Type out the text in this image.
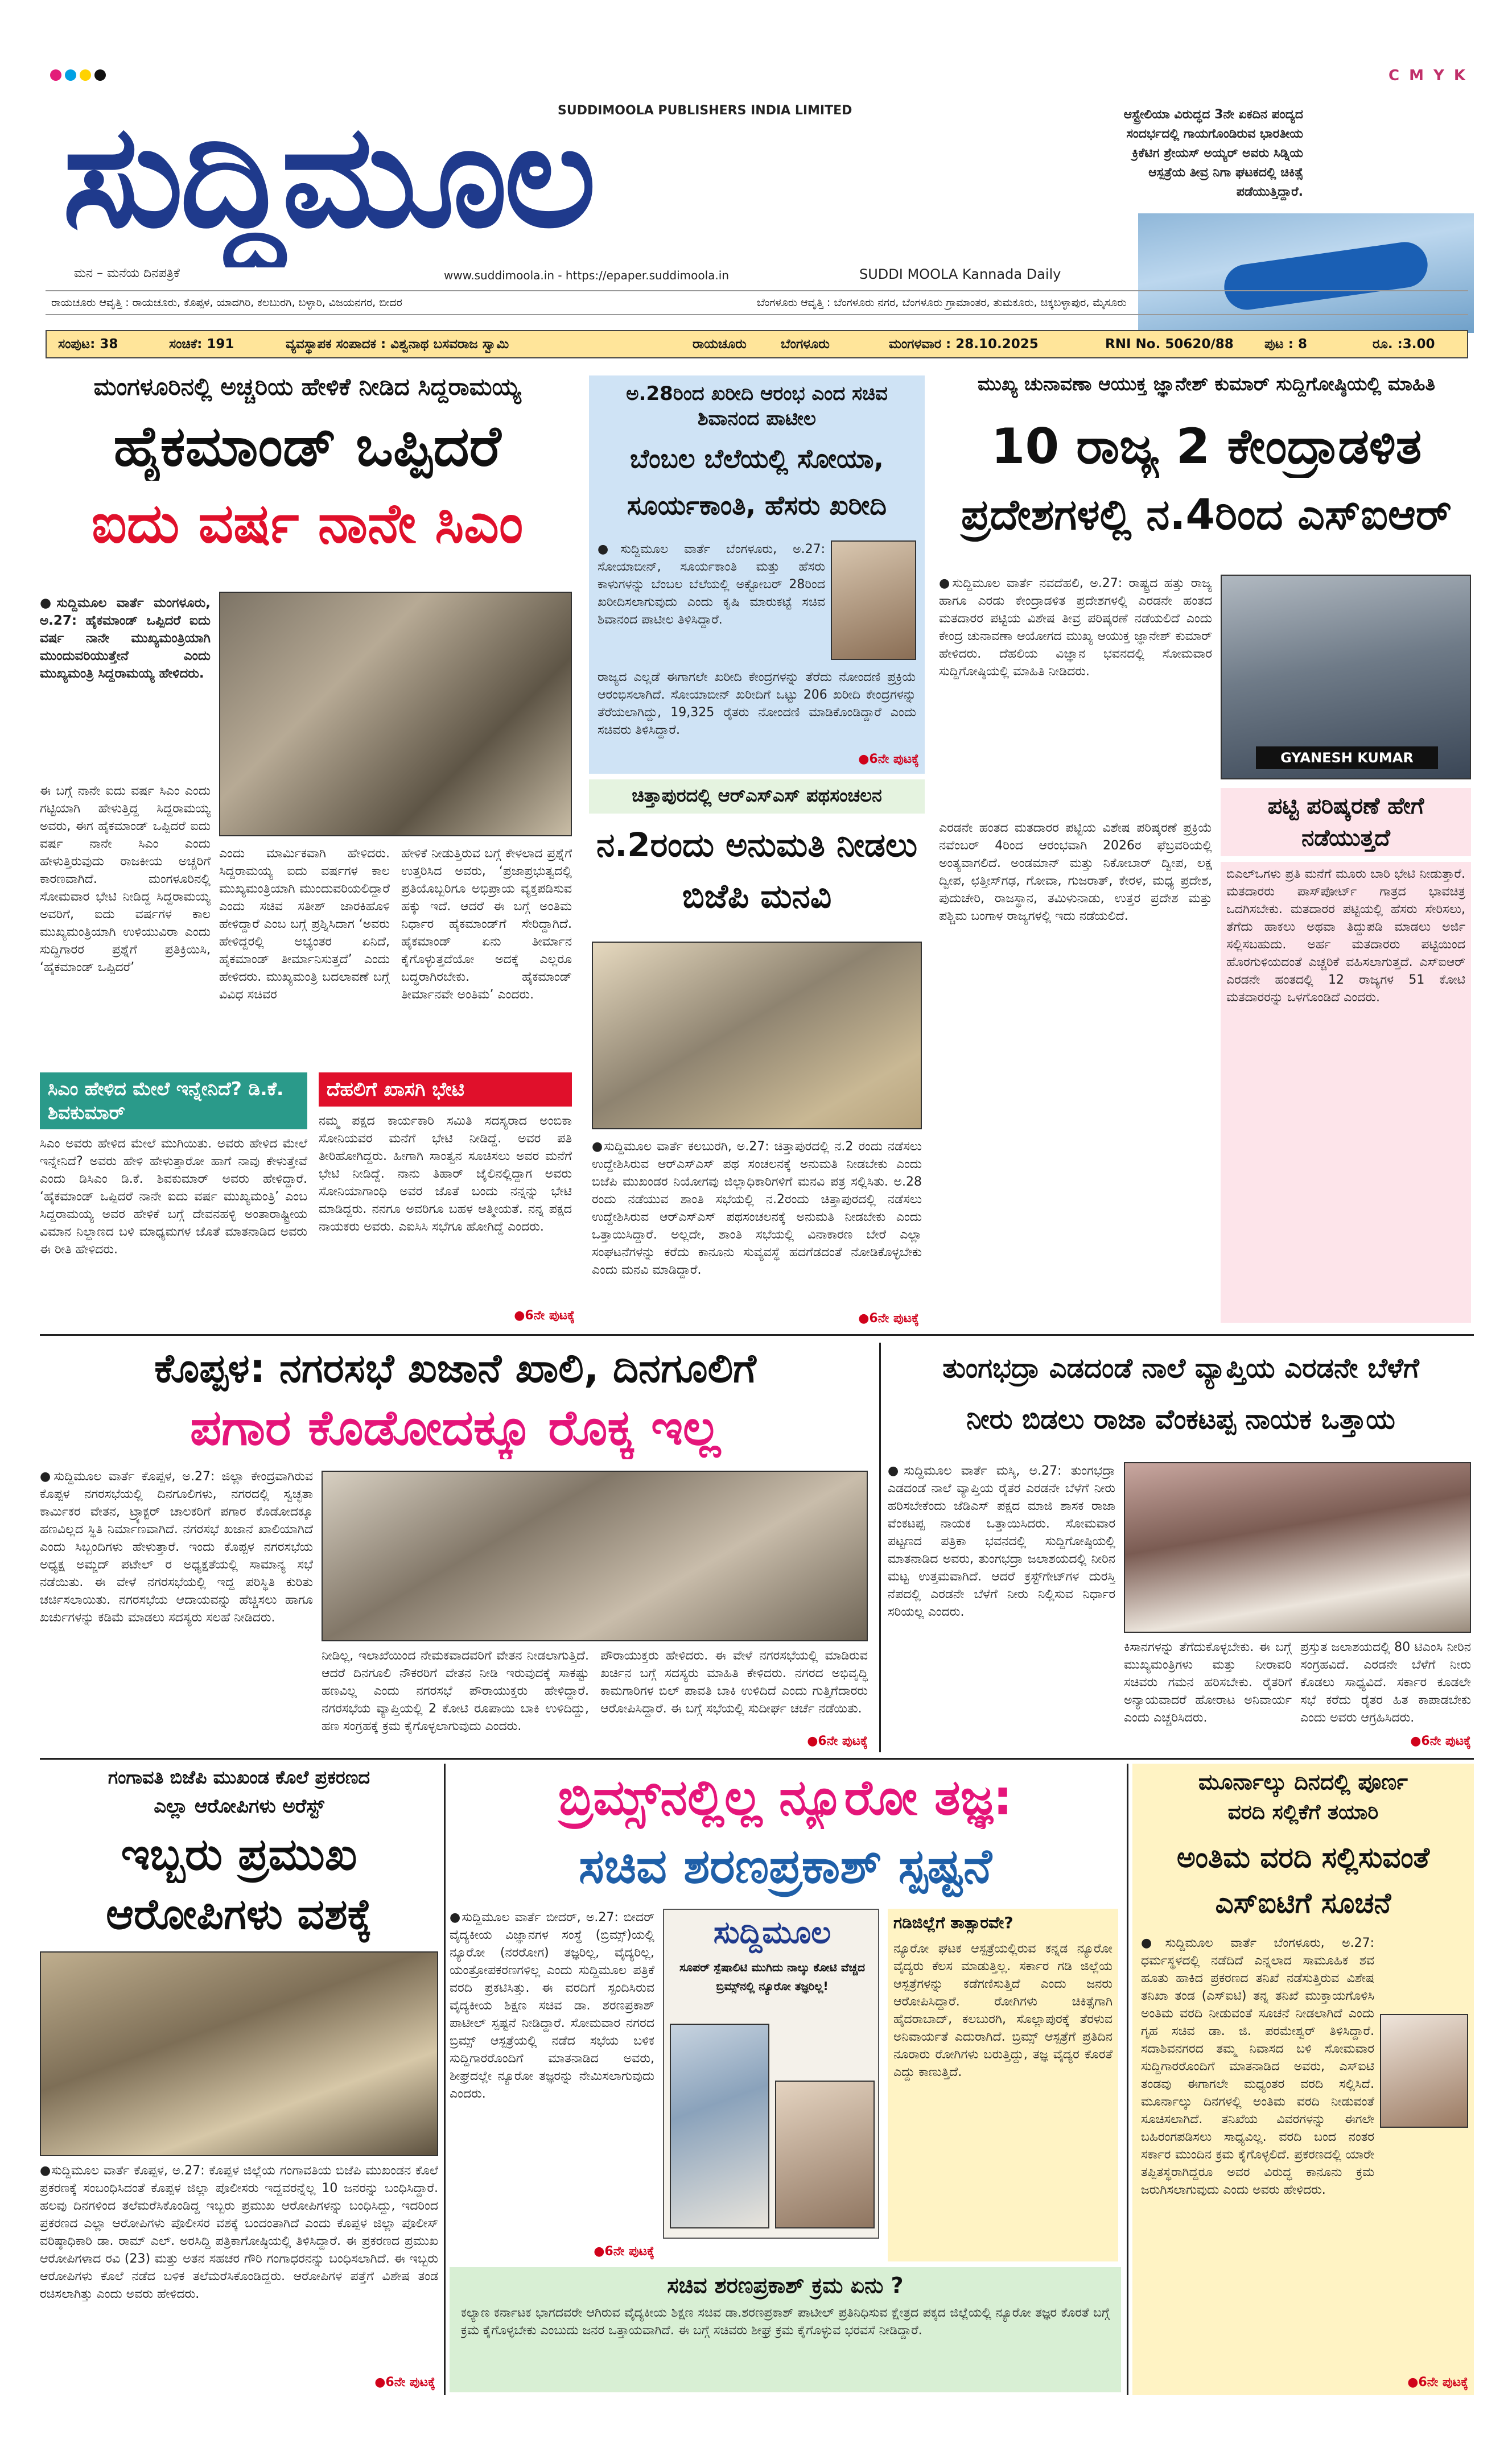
C M Y K
ಸುದ್ದಿಮೂಲ
SUDDIMOOLA PUBLISHERS INDIA LIMITED
ಮನ – ಮನೆಯ ದಿನಪತ್ರಿಕೆ	www.suddimoola.in - https://epaper.suddimoola.in	SUDDI MOOLA Kannada Daily
ಆಸ್ಟ್ರೇಲಿಯಾ ವಿರುದ್ಧದ 3ನೇ ಏಕದಿನ ಪಂದ್ಯದ ಸಂದರ್ಭದಲ್ಲಿ ಗಾಯಗೊಂಡಿರುವ ಭಾರತೀಯ ಕ್ರಿಕೆಟಿಗ ಶ್ರೇಯಸ್ ಅಯ್ಯರ್ ಅವರು ಸಿಡ್ನಿಯ ಆಸ್ಪತ್ರೆಯ ತೀವ್ರ ನಿಗಾ ಘಟಕದಲ್ಲಿ ಚಿಕಿತ್ಸೆ ಪಡೆಯುತ್ತಿದ್ದಾರೆ.
ರಾಯಚೂರು ಆವೃತ್ತಿ : ರಾಯಚೂರು, ಕೊಪ್ಪಳ, ಯಾದಗಿರಿ, ಕಲಬುರಗಿ, ಬಳ್ಳಾರಿ, ವಿಜಯನಗರ, ಬೀದರ	ಬೆಂಗಳೂರು ಆವೃತ್ತಿ : ಬೆಂಗಳೂರು ನಗರ, ಬೆಂಗಳೂರು ಗ್ರಾಮಾಂತರ, ತುಮಕೂರು, ಚಿಕ್ಕಬಳ್ಳಾಪುರ, ಮೈಸೂರು
ಸಂಪುಟ: 38	ಸಂಚಿಕೆ: 191	ವ್ಯವಸ್ಥಾಪಕ ಸಂಪಾದಕ : ವಿಶ್ವನಾಥ ಬಸವರಾಜ ಸ್ವಾಮಿ	ರಾಯಚೂರು	ಬೆಂಗಳೂರು	ಮಂಗಳವಾರ : 28.10.2025	RNI No. 50620/88 ಪುಟ : 8	ರೂ. :3.00
ಮಂಗಳೂರಿನಲ್ಲಿ ಅಚ್ಚರಿಯ ಹೇಳಿಕೆ ನೀಡಿದ ಸಿದ್ದರಾಮಯ್ಯ
ಹೈಕಮಾಂಡ್ ಒಪ್ಪಿದರೆ
ಐದು ವರ್ಷ ನಾನೇ ಸಿಎಂ
●ಸುದ್ದಿಮೂಲ ವಾರ್ತೆ ಮಂಗಳೂರು, ಅ.27: ಹೈಕಮಾಂಡ್ ಒಪ್ಪಿದರೆ ಐದು ವರ್ಷ ನಾನೇ ಮುಖ್ಯಮಂತ್ರಿಯಾಗಿ ಮುಂದುವರಿಯುತ್ತೇನೆ ಎಂದು ಮುಖ್ಯಮಂತ್ರಿ ಸಿದ್ದರಾಮಯ್ಯ ಹೇಳಿದರು.
ಈ ಬಗ್ಗೆ ನಾನೇ ಐದು ವರ್ಷ ಸಿಎಂ ಎಂದು ಗಟ್ಟಿಯಾಗಿ ಹೇಳುತ್ತಿದ್ದ ಸಿದ್ದರಾಮಯ್ಯ ಅವರು, ಈಗ ಹೈಕಮಾಂಡ್ ಒಪ್ಪಿದರೆ ಐದು ವರ್ಷ ನಾನೇ ಸಿಎಂ ಎಂದು ಹೇಳುತ್ತಿರುವುದು ರಾಜಕೀಯ ಅಚ್ಚರಿಗೆ ಕಾರಣವಾಗಿದೆ. ಮಂಗಳೂರಿನಲ್ಲಿ ಸೋಮವಾರ ಭೇಟಿ ನೀಡಿದ್ದ ಸಿದ್ದರಾಮಯ್ಯ ಅವರಿಗೆ, ಐದು ವರ್ಷಗಳ ಕಾಲ ಮುಖ್ಯಮಂತ್ರಿಯಾಗಿ ಉಳಿಯುವಿರಾ ಎಂದು ಸುದ್ದಿಗಾರರ ಪ್ರಶ್ನೆಗೆ ಪ್ರತಿಕ್ರಿಯಿಸಿ, ‘ಹೈಕಮಾಂಡ್ ಒಪ್ಪಿದರೆ’
ಎಂದು ಮಾರ್ಮಿಕವಾಗಿ ಹೇಳಿದರು. ಸಿದ್ದರಾಮಯ್ಯ ಐದು ವರ್ಷಗಳ ಕಾಲ ಮುಖ್ಯಮಂತ್ರಿಯಾಗಿ ಮುಂದುವರಿಯಲಿದ್ದಾರೆ ಎಂದು ಸಚಿವ ಸತೀಶ್ ಜಾರಕಿಹೊಳಿ ಹೇಳಿದ್ದಾರೆ ಎಂಬ ಬಗ್ಗೆ ಪ್ರಶ್ನಿಸಿದಾಗ ‘ಅವರು ಹೇಳಿದ್ದರಲ್ಲಿ ಅಭ್ಯಂತರ ಏನಿದೆ, ಹೈಕಮಾಂಡ್ ತೀರ್ಮಾನಿಸುತ್ತದೆ’ ಎಂದು ಹೇಳಿದರು. ಮುಖ್ಯಮಂತ್ರಿ ಬದಲಾವಣೆ ಬಗ್ಗೆ ವಿವಿಧ ಸಚಿವರ
ಹೇಳಿಕೆ ನೀಡುತ್ತಿರುವ ಬಗ್ಗೆ ಕೇಳಲಾದ ಪ್ರಶ್ನೆಗೆ ಉತ್ತರಿಸಿದ ಅವರು, ‘ಪ್ರಜಾಪ್ರಭುತ್ವದಲ್ಲಿ ಪ್ರತಿಯೊಬ್ಬರಿಗೂ ಅಭಿಪ್ರಾಯ ವ್ಯಕ್ತಪಡಿಸುವ ಹಕ್ಕು ಇದೆ. ಆದರೆ ಈ ಬಗ್ಗೆ ಅಂತಿಮ ನಿರ್ಧಾರ ಹೈಕಮಾಂಡ್‌ಗೆ ಸೇರಿದ್ದಾಗಿದೆ. ಹೈಕಮಾಂಡ್ ಏನು ತೀರ್ಮಾನ ಕೈಗೊಳ್ಳುತ್ತದೆಯೋ ಅದಕ್ಕೆ ಎಲ್ಲರೂ ಬದ್ಧರಾಗಿರಬೇಕು. ಹೈಕಮಾಂಡ್ ತೀರ್ಮಾನವೇ ಅಂತಿಮ’ ಎಂದರು.
ಸಿಎಂ ಹೇಳಿದ ಮೇಲೆ ಇನ್ನೇನಿದೆ? ಡಿ.ಕೆ. ಶಿವಕುಮಾರ್
ಸಿಎಂ ಅವರು ಹೇಳಿದ ಮೇಲೆ ಮುಗಿಯಿತು. ಅವರು ಹೇಳಿದ ಮೇಲೆ ಇನ್ನೇನಿದೆ? ಅವರು ಹೇಳಿ ಹೇಳುತ್ತಾರೋ ಹಾಗೆ ನಾವು ಕೇಳುತ್ತೇವೆ ಎಂದು ಡಿಸಿಎಂ ಡಿ.ಕೆ. ಶಿವಕುಮಾರ್ ಅವರು ಹೇಳಿದ್ದಾರೆ. ‘ಹೈಕಮಾಂಡ್ ಒಪ್ಪಿದರೆ ನಾನೇ ಐದು ವರ್ಷ ಮುಖ್ಯಮಂತ್ರಿ’ ಎಂಬ ಸಿದ್ದರಾಮಯ್ಯ ಅವರ ಹೇಳಿಕೆ ಬಗ್ಗೆ ದೇವನಹಳ್ಳಿ ಅಂತಾರಾಷ್ಟ್ರೀಯ ವಿಮಾನ ನಿಲ್ದಾಣದ ಬಳಿ ಮಾಧ್ಯಮಗಳ ಜೊತೆ ಮಾತನಾಡಿದ ಅವರು ಈ ರೀತಿ ಹೇಳಿದರು.
ದೆಹಲಿಗೆ ಖಾಸಗಿ ಭೇಟಿ
ನಮ್ಮ ಪಕ್ಷದ ಕಾರ್ಯಕಾರಿ ಸಮಿತಿ ಸದಸ್ಯರಾದ ಅಂಬಿಕಾ ಸೋನಿಯವರ ಮನೆಗೆ ಭೇಟಿ ನೀಡಿದ್ದೆ. ಅವರ ಪತಿ ತೀರಿಹೋಗಿದ್ದರು. ಹೀಗಾಗಿ ಸಾಂತ್ವನ ಸೂಚಿಸಲು ಅವರ ಮನೆಗೆ ಭೇಟಿ ನೀಡಿದ್ದೆ. ನಾನು ತಿಹಾರ್ ಜೈಲಿನಲ್ಲಿದ್ದಾಗ ಅವರು ಸೋನಿಯಾಗಾಂಧಿ ಅವರ ಜೊತೆ ಬಂದು ನನ್ನನ್ನು ಭೇಟಿ ಮಾಡಿದ್ದರು. ನನಗೂ ಅವರಿಗೂ ಬಹಳ ಆತ್ಮೀಯತೆ. ನನ್ನ ಪಕ್ಷದ ನಾಯಕರು ಅವರು. ಎಐಸಿಸಿ ಸಭೆಗೂ ಹೋಗಿದ್ದೆ ಎಂದರು.
●6ನೇ ಪುಟಕ್ಕೆ
ಅ.28ರಿಂದ ಖರೀದಿ ಆರಂಭ ಎಂದ ಸಚಿವ ಶಿವಾನಂದ ಪಾಟೀಲ
ಬೆಂಬಲ ಬೆಲೆಯಲ್ಲಿ ಸೋಯಾ, ಸೂರ್ಯಕಾಂತಿ, ಹೆಸರು ಖರೀದಿ
●ಸುದ್ದಿಮೂಲ ವಾರ್ತೆ ಬೆಂಗಳೂರು, ಅ.27: ಸೋಯಾಬೀನ್, ಸೂರ್ಯಕಾಂತಿ ಮತ್ತು ಹೆಸರು ಕಾಳುಗಳನ್ನು ಬೆಂಬಲ ಬೆಲೆಯಲ್ಲಿ ಅಕ್ಟೋಬರ್ 28ರಿಂದ ಖರೀದಿಸಲಾಗುವುದು ಎಂದು ಕೃಷಿ ಮಾರುಕಟ್ಟೆ ಸಚಿವ ಶಿವಾನಂದ ಪಾಟೀಲ ತಿಳಿಸಿದ್ದಾರೆ.
ರಾಜ್ಯದ ಎಲ್ಲಡೆ ಈಗಾಗಲೇ ಖರೀದಿ ಕೇಂದ್ರಗಳನ್ನು ತೆರೆದು ನೋಂದಣಿ ಪ್ರಕ್ರಿಯೆ ಆರಂಭಿಸಲಾಗಿದೆ. ಸೋಯಾಬೀನ್ ಖರೀದಿಗೆ ಒಟ್ಟು 206 ಖರೀದಿ ಕೇಂದ್ರಗಳನ್ನು ತೆರೆಯಲಾಗಿದ್ದು, 19,325 ರೈತರು ನೋಂದಣಿ ಮಾಡಿಕೊಂಡಿದ್ದಾರೆ ಎಂದು ಸಚಿವರು ತಿಳಿಸಿದ್ದಾರೆ.
●6ನೇ ಪುಟಕ್ಕೆ
ಚಿತ್ತಾಪುರದಲ್ಲಿ ಆರ್‌ಎಸ್‌ಎಸ್ ಪಥಸಂಚಲನ
ನ.2ರಂದು ಅನುಮತಿ ನೀಡಲು ಬಿಜೆಪಿ ಮನವಿ
●ಸುದ್ದಿಮೂಲ ವಾರ್ತೆ ಕಲಬುರಗಿ, ಅ.27: ಚಿತ್ತಾಪುರದಲ್ಲಿ ನ.2 ರಂದು ನಡೆಸಲು ಉದ್ದೇಶಿಸಿರುವ ಆರ್‌ಎಸ್‌ಎಸ್ ಪಥ ಸಂಚಲನಕ್ಕೆ ಅನುಮತಿ ನೀಡಬೇಕು ಎಂದು ಬಿಜೆಪಿ ಮುಖಂಡರ ನಿಯೋಗವು ಜಿಲ್ಲಾಧಿಕಾರಿಗಳಿಗೆ ಮನವಿ ಪತ್ರ ಸಲ್ಲಿಸಿತು. ಅ.28 ರಂದು ನಡೆಯುವ ಶಾಂತಿ ಸಭೆಯಲ್ಲಿ ನ.2ರಂದು ಚಿತ್ತಾಪುರದಲ್ಲಿ ನಡೆಸಲು ಉದ್ದೇಶಿಸಿರುವ ಆರ್‌ಎಸ್‌ಎಸ್ ಪಥಸಂಚಲನಕ್ಕೆ ಅನುಮತಿ ನೀಡಬೇಕು ಎಂದು ಒತ್ತಾಯಿಸಿದ್ದಾರೆ. ಅಲ್ಲದೇ, ಶಾಂತಿ ಸಭೆಯಲ್ಲಿ ವಿನಾಕಾರಣ ಬೇರೆ ಎಲ್ಲಾ ಸಂಘಟನೆಗಳನ್ನು ಕರೆದು ಕಾನೂನು ಸುವ್ಯವಸ್ಥೆ ಹದಗೆಡದಂತೆ ನೋಡಿಕೊಳ್ಳಬೇಕು ಎಂದು ಮನವಿ ಮಾಡಿದ್ದಾರೆ.
●6ನೇ ಪುಟಕ್ಕೆ
ಮುಖ್ಯ ಚುನಾವಣಾ ಆಯುಕ್ತ ಜ್ಞಾನೇಶ್ ಕುಮಾರ್ ಸುದ್ದಿಗೋಷ್ಠಿಯಲ್ಲಿ ಮಾಹಿತಿ
10 ರಾಜ್ಯ 2 ಕೇಂದ್ರಾಡಳಿತ
ಪ್ರದೇಶಗಳಲ್ಲಿ ನ.4ರಿಂದ ಎಸ್‌ಐಆರ್
●ಸುದ್ದಿಮೂಲ ವಾರ್ತೆ ನವದೆಹಲಿ, ಅ.27: ರಾಷ್ಟ್ರದ ಹತ್ತು ರಾಜ್ಯ ಹಾಗೂ ಎರಡು ಕೇಂದ್ರಾಡಳಿತ ಪ್ರದೇಶಗಳಲ್ಲಿ ಎರಡನೇ ಹಂತದ ಮತದಾರರ ಪಟ್ಟಿಯ ವಿಶೇಷ ತೀವ್ರ ಪರಿಷ್ಕರಣೆ ನಡೆಯಲಿದೆ ಎಂದು ಕೇಂದ್ರ ಚುನಾವಣಾ ಆಯೋಗದ ಮುಖ್ಯ ಆಯುಕ್ತ ಜ್ಞಾನೇಶ್ ಕುಮಾರ್ ಹೇಳಿದರು. ದೆಹಲಿಯ ವಿಜ್ಞಾನ ಭವನದಲ್ಲಿ ಸೋಮವಾರ ಸುದ್ದಿಗೋಷ್ಠಿಯಲ್ಲಿ ಮಾಹಿತಿ ನೀಡಿದರು.
GYANESH KUMAR
ಪಟ್ಟಿ ಪರಿಷ್ಕರಣೆ ಹೇಗೆ ನಡೆಯುತ್ತದೆ
ಎರಡನೇ ಹಂತದ ಮತದಾರರ ಪಟ್ಟಿಯ ವಿಶೇಷ ಪರಿಷ್ಕರಣೆ ಪ್ರಕ್ರಿಯೆ ನವೆಂಬರ್ 4ರಿಂದ ಆರಂಭವಾಗಿ 2026ರ ಫೆಬ್ರವರಿಯಲ್ಲಿ ಅಂತ್ಯವಾಗಲಿದೆ. ಅಂಡಮಾನ್ ಮತ್ತು ನಿಕೋಬಾರ್ ದ್ವೀಪ, ಲಕ್ಷ ದ್ವೀಪ, ಛತ್ತೀಸ್‌ಗಢ, ಗೋವಾ, ಗುಜರಾತ್, ಕೇರಳ, ಮಧ್ಯ ಪ್ರದೇಶ, ಪುದುಚೇರಿ, ರಾಜಸ್ಥಾನ, ತಮಿಳುನಾಡು, ಉತ್ತರ ಪ್ರದೇಶ ಮತ್ತು ಪಶ್ಚಿಮ ಬಂಗಾಳ ರಾಜ್ಯಗಳಲ್ಲಿ ಇದು ನಡೆಯಲಿದೆ.
ಬಿಎಲ್‌ಒಗಳು ಪ್ರತಿ ಮನೆಗೆ ಮೂರು ಬಾರಿ ಭೇಟಿ ನೀಡುತ್ತಾರೆ. ಮತದಾರರು ಪಾಸ್‌ಪೋರ್ಟ್ ಗಾತ್ರದ ಭಾವಚಿತ್ರ ಒದಗಿಸಬೇಕು. ಮತದಾರರ ಪಟ್ಟಿಯಲ್ಲಿ ಹೆಸರು ಸೇರಿಸಲು, ತೆಗೆದು ಹಾಕಲು ಅಥವಾ ತಿದ್ದುಪಡಿ ಮಾಡಲು ಅರ್ಜಿ ಸಲ್ಲಿಸಬಹುದು. ಅರ್ಹ ಮತದಾರರು ಪಟ್ಟಿಯಿಂದ ಹೊರಗುಳಿಯದಂತೆ ಎಚ್ಚರಿಕೆ ವಹಿಸಲಾಗುತ್ತದೆ. ಎಸ್‌ಐಆರ್ ಎರಡನೇ ಹಂತದಲ್ಲಿ 12 ರಾಜ್ಯಗಳ 51 ಕೋಟಿ ಮತದಾರರನ್ನು ಒಳಗೊಂಡಿದೆ ಎಂದರು.
ಕೊಪ್ಪಳ: ನಗರಸಭೆ ಖಜಾನೆ ಖಾಲಿ, ದಿನಗೂಲಿಗೆ
ಪಗಾರ ಕೊಡೋದಕ್ಕೂ ರೊಕ್ಕ ಇಲ್ಲ
●ಸುದ್ದಿಮೂಲ ವಾರ್ತೆ ಕೊಪ್ಪಳ, ಅ.27: ಜಿಲ್ಲಾ ಕೇಂದ್ರವಾಗಿರುವ ಕೊಪ್ಪಳ ನಗರಸಭೆಯಲ್ಲಿ ದಿನಗೂಲಿಗಳು, ನಗರದಲ್ಲಿ ಸ್ವಚ್ಛತಾ ಕಾರ್ಮಿಕರ ವೇತನ, ಟ್ರ್ಯಾಕ್ಟರ್ ಚಾಲಕರಿಗೆ ಪಗಾರ ಕೊಡೋದಕ್ಕೂ ಹಣವಿಲ್ಲದ ಸ್ಥಿತಿ ನಿರ್ಮಾಣವಾಗಿದೆ. ನಗರಸಭೆ ಖಜಾನೆ ಖಾಲಿಯಾಗಿದೆ ಎಂದು ಸಿಬ್ಬಂದಿಗಳು ಹೇಳುತ್ತಾರೆ. ಇಂದು ಕೊಪ್ಪಳ ನಗರಸಭೆಯ ಅಧ್ಯಕ್ಷ ಅಮ್ಜದ್ ಪಟೇಲ್ ರ ಅಧ್ಯಕ್ಷತೆಯಲ್ಲಿ ಸಾಮಾನ್ಯ ಸಭೆ ನಡೆಯಿತು. ಈ ವೇಳೆ ನಗರಸಭೆಯಲ್ಲಿ ಇದ್ದ ಪರಿಸ್ಥಿತಿ ಕುರಿತು ಚರ್ಚಿಸಲಾಯಿತು. ನಗರಸಭೆಯ ಆದಾಯವನ್ನು ಹೆಚ್ಚಿಸಲು ಹಾಗೂ ಖರ್ಚುಗಳನ್ನು ಕಡಿಮೆ ಮಾಡಲು ಸದಸ್ಯರು ಸಲಹೆ ನೀಡಿದರು.
ನೀಡಿಲ್ಲ, ಇಲಾಖೆಯಿಂದ ನೇಮಕವಾದವರಿಗೆ ವೇತನ ನೀಡಲಾಗುತ್ತಿದೆ. ಆದರೆ ದಿನಗೂಲಿ ನೌಕರರಿಗೆ ವೇತನ ನೀಡಿ ಇರುವುದಕ್ಕೆ ಸಾಕಷ್ಟು ಹಣವಿಲ್ಲ ಎಂದು ನಗರಸಭೆ ಪೌರಾಯುಕ್ತರು ಹೇಳಿದ್ದಾರೆ. ನಗರಸಭೆಯ ವ್ಯಾಪ್ತಿಯಲ್ಲಿ 2 ಕೋಟಿ ರೂಪಾಯಿ ಬಾಕಿ ಉಳಿದಿದ್ದು, ಹಣ ಸಂಗ್ರಹಕ್ಕೆ ಕ್ರಮ ಕೈಗೊಳ್ಳಲಾಗುವುದು ಎಂದರು.
ಪೌರಾಯುಕ್ತರು ಹೇಳಿದರು. ಈ ವೇಳೆ ನಗರಸಭೆಯಲ್ಲಿ ಮಾಡಿರುವ ಖರ್ಚಿನ ಬಗ್ಗೆ ಸದಸ್ಯರು ಮಾಹಿತಿ ಕೇಳಿದರು. ನಗರದ ಅಭಿವೃದ್ಧಿ ಕಾಮಗಾರಿಗಳ ಬಿಲ್ ಪಾವತಿ ಬಾಕಿ ಉಳಿದಿದೆ ಎಂದು ಗುತ್ತಿಗೆದಾರರು ಆರೋಪಿಸಿದ್ದಾರೆ. ಈ ಬಗ್ಗೆ ಸಭೆಯಲ್ಲಿ ಸುದೀರ್ಘ ಚರ್ಚೆ ನಡೆಯಿತು.
●6ನೇ ಪುಟಕ್ಕೆ
ತುಂಗಭದ್ರಾ ಎಡದಂಡೆ ನಾಲೆ ವ್ಯಾಪ್ತಿಯ ಎರಡನೇ ಬೆಳೆಗೆ
ನೀರು ಬಿಡಲು ರಾಜಾ ವೆಂಕಟಪ್ಪ ನಾಯಕ ಒತ್ತಾಯ
●ಸುದ್ದಿಮೂಲ ವಾರ್ತೆ ಮಸ್ಕಿ, ಅ.27: ತುಂಗಭದ್ರಾ ಎಡದಂಡೆ ನಾಲೆ ವ್ಯಾಪ್ತಿಯ ರೈತರ ಎರಡನೇ ಬೆಳೆಗೆ ನೀರು ಹರಿಸಬೇಕೆಂದು ಜೆಡಿಎಸ್ ಪಕ್ಷದ ಮಾಜಿ ಶಾಸಕ ರಾಜಾ ವೆಂಕಟಪ್ಪ ನಾಯಕ ಒತ್ತಾಯಿಸಿದರು. ಸೋಮವಾರ ಪಟ್ಟಣದ ಪತ್ರಿಕಾ ಭವನದಲ್ಲಿ ಸುದ್ದಿಗೋಷ್ಠಿಯಲ್ಲಿ ಮಾತನಾಡಿದ ಅವರು, ತುಂಗಭದ್ರಾ ಜಲಾಶಯದಲ್ಲಿ ನೀರಿನ ಮಟ್ಟ ಉತ್ತಮವಾಗಿದೆ. ಆದರೆ ಕ್ರಸ್ಟ್‌ಗೇಟ್‌ಗಳ ದುರಸ್ತಿ ನೆಪದಲ್ಲಿ ಎರಡನೇ ಬೆಳೆಗೆ ನೀರು ನಿಲ್ಲಿಸುವ ನಿರ್ಧಾರ ಸರಿಯಲ್ಲ ಎಂದರು.
ಕಿಸಾನಗಳನ್ನು ತೆಗೆದುಕೊಳ್ಳಬೇಕು. ಈ ಬಗ್ಗೆ ಮುಖ್ಯಮಂತ್ರಿಗಳು ಮತ್ತು ನೀರಾವರಿ ಸಚಿವರು ಗಮನ ಹರಿಸಬೇಕು. ರೈತರಿಗೆ ಅನ್ಯಾಯವಾದರೆ ಹೋರಾಟ ಅನಿವಾರ್ಯ ಎಂದು ಎಚ್ಚರಿಸಿದರು.
ಪ್ರಸ್ತುತ ಜಲಾಶಯದಲ್ಲಿ 80 ಟಿಎಂಸಿ ನೀರಿನ ಸಂಗ್ರಹವಿದೆ. ಎರಡನೇ ಬೆಳೆಗೆ ನೀರು ಕೊಡಲು ಸಾಧ್ಯವಿದೆ. ಸರ್ಕಾರ ಕೂಡಲೇ ಸಭೆ ಕರೆದು ರೈತರ ಹಿತ ಕಾಪಾಡಬೇಕು ಎಂದು ಅವರು ಆಗ್ರಹಿಸಿದರು.
●6ನೇ ಪುಟಕ್ಕೆ
ಗಂಗಾವತಿ ಬಿಜೆಪಿ ಮುಖಂಡ ಕೊಲೆ ಪ್ರಕರಣದ
ಎಲ್ಲಾ ಆರೋಪಿಗಳು ಅರೆಸ್ಟ್
ಇಬ್ಬರು ಪ್ರಮುಖ
ಆರೋಪಿಗಳು ವಶಕ್ಕೆ
●ಸುದ್ದಿಮೂಲ ವಾರ್ತೆ ಕೊಪ್ಪಳ, ಅ.27: ಕೊಪ್ಪಳ ಜಿಲ್ಲೆಯ ಗಂಗಾವತಿಯ ಬಿಜೆಪಿ ಮುಖಂಡನ ಕೊಲೆ ಪ್ರಕರಣಕ್ಕೆ ಸಂಬಂಧಿಸಿದಂತೆ ಕೊಪ್ಪಳ ಜಿಲ್ಲಾ ಪೊಲೀಸರು ಇದ್ದವರನ್ನೆಲ್ಲ 10 ಜನರನ್ನು ಬಂಧಿಸಿದ್ದಾರೆ. ಹಲವು ದಿನಗಳಿಂದ ತಲೆಮರೆಸಿಕೊಂಡಿದ್ದ ಇಬ್ಬರು ಪ್ರಮುಖ ಆರೋಪಿಗಳನ್ನು ಬಂಧಿಸಿದ್ದು, ಇದರಿಂದ ಪ್ರಕರಣದ ಎಲ್ಲಾ ಆರೋಪಿಗಳು ಪೊಲೀಸರ ವಶಕ್ಕೆ ಬಂದಂತಾಗಿದೆ ಎಂದು ಕೊಪ್ಪಳ ಜಿಲ್ಲಾ ಪೊಲೀಸ್ ವರಿಷ್ಠಾಧಿಕಾರಿ ಡಾ. ರಾಮ್ ಎಲ್. ಅರಸಿದ್ದಿ ಪತ್ರಿಕಾಗೋಷ್ಠಿಯಲ್ಲಿ ತಿಳಿಸಿದ್ದಾರೆ. ಈ ಪ್ರಕರಣದ ಪ್ರಮುಖ ಆರೋಪಿಗಳಾದ ರವಿ (23) ಮತ್ತು ಅತನ ಸಹಚರ ಗೌರಿ ಗಂಗಾಧರನನ್ನು ಬಂಧಿಸಲಾಗಿದೆ. ಈ ಇಬ್ಬರು ಆರೋಪಿಗಳು ಕೊಲೆ ನಡೆದ ಬಳಿಕ ತಲೆಮರೆಸಿಕೊಂಡಿದ್ದರು. ಆರೋಪಿಗಳ ಪತ್ತೆಗೆ ವಿಶೇಷ ತಂಡ ರಚಿಸಲಾಗಿತ್ತು ಎಂದು ಅವರು ಹೇಳಿದರು.
●6ನೇ ಪುಟಕ್ಕೆ
ಬ್ರಿಮ್ಸ್‌ನಲ್ಲಿಲ್ಲ ನ್ಯೂರೋ ತಜ್ಞ:
ಸಚಿವ ಶರಣಪ್ರಕಾಶ್ ಸ್ಪಷ್ಟನೆ
●ಸುದ್ದಿಮೂಲ ವಾರ್ತೆ ಬೀದರ್, ಅ.27: ಬೀದರ್ ವೈದ್ಯಕೀಯ ವಿಜ್ಞಾನಗಳ ಸಂಸ್ಥೆ (ಬ್ರಿಮ್ಸ್)ಯಲ್ಲಿ ನ್ಯೂರೋ (ನರರೋಗ) ತಜ್ಞರಿಲ್ಲ, ವೈದ್ಯರಿಲ್ಲ, ಯಂತ್ರೋಪಕರಣಗಳಿಲ್ಲ ಎಂದು ಸುದ್ದಿಮೂಲ ಪತ್ರಿಕೆ ವರದಿ ಪ್ರಕಟಿಸಿತ್ತು. ಈ ವರದಿಗೆ ಸ್ಪಂದಿಸಿರುವ ವೈದ್ಯಕೀಯ ಶಿಕ್ಷಣ ಸಚಿವ ಡಾ. ಶರಣಪ್ರಕಾಶ್ ಪಾಟೀಲ್ ಸ್ಪಷ್ಟನೆ ನೀಡಿದ್ದಾರೆ. ಸೋಮವಾರ ನಗರದ ಬ್ರಿಮ್ಸ್ ಆಸ್ಪತ್ರೆಯಲ್ಲಿ ನಡೆದ ಸಭೆಯ ಬಳಿಕ ಸುದ್ದಿಗಾರರೊಂದಿಗೆ ಮಾತನಾಡಿದ ಅವರು, ಶೀಘ್ರದಲ್ಲೇ ನ್ಯೂರೋ ತಜ್ಞರನ್ನು ನೇಮಿಸಲಾಗುವುದು ಎಂದರು.
ಸುದ್ದಿಮೂಲ
ಸೂಪರ್ ಸ್ಪೆಷಾಲಿಟಿ ಮುಗಿದು ನಾಲ್ಕು ಕೋಟಿ ವೆಚ್ಚದ ಬ್ರಿಮ್ಸ್‌ನಲ್ಲಿ ನ್ಯೂರೋ ತಜ್ಞರಿಲ್ಲ!
ಗಡಿಜಿಲ್ಲೆಗೆ ತಾತ್ಸಾರವೇ?
ನ್ಯೂರೋ ಘಟಕ ಆಸ್ಪತ್ರೆಯಲ್ಲಿರುವ ಕನ್ನಡ ನ್ಯೂರೋ ವೈದ್ಯರು ಕೆಲಸ ಮಾಡುತ್ತಿಲ್ಲ. ಸರ್ಕಾರ ಗಡಿ ಜಿಲ್ಲೆಯ ಆಸ್ಪತ್ರೆಗಳನ್ನು ಕಡೆಗಣಿಸುತ್ತಿದೆ ಎಂದು ಜನರು ಆರೋಪಿಸಿದ್ದಾರೆ. ರೋಗಿಗಳು ಚಿಕಿತ್ಸೆಗಾಗಿ ಹೈದರಾಬಾದ್, ಕಲಬುರಗಿ, ಸೊಲ್ಲಾಪುರಕ್ಕೆ ತೆರಳುವ ಅನಿವಾರ್ಯತೆ ಎದುರಾಗಿದೆ. ಬ್ರಿಮ್ಸ್ ಆಸ್ಪತ್ರೆಗೆ ಪ್ರತಿದಿನ ನೂರಾರು ರೋಗಿಗಳು ಬರುತ್ತಿದ್ದು, ತಜ್ಞ ವೈದ್ಯರ ಕೊರತೆ ಎದ್ದು ಕಾಣುತ್ತಿದೆ.
●6ನೇ ಪುಟಕ್ಕೆ
ಸಚಿವ ಶರಣಪ್ರಕಾಶ್ ಕ್ರಮ ಏನು ?
ಕಲ್ಯಾಣ ಕರ್ನಾಟಕ ಭಾಗದವರೇ ಆಗಿರುವ ವೈದ್ಯಕೀಯ ಶಿಕ್ಷಣ ಸಚಿವ ಡಾ.ಶರಣಪ್ರಕಾಶ್ ಪಾಟೀಲ್ ಪ್ರತಿನಿಧಿಸುವ ಕ್ಷೇತ್ರದ ಪಕ್ಕದ ಜಿಲ್ಲೆಯಲ್ಲಿ ನ್ಯೂರೋ ತಜ್ಞರ ಕೊರತೆ ಬಗ್ಗೆ ಕ್ರಮ ಕೈಗೊಳ್ಳಬೇಕು ಎಂಬುದು ಜನರ ಒತ್ತಾಯವಾಗಿದೆ. ಈ ಬಗ್ಗೆ ಸಚಿವರು ಶೀಘ್ರ ಕ್ರಮ ಕೈಗೊಳ್ಳುವ ಭರವಸೆ ನೀಡಿದ್ದಾರೆ.
ಮೂರ್ನಾಲ್ಕು ದಿನದಲ್ಲಿ ಪೂರ್ಣ
ವರದಿ ಸಲ್ಲಿಕೆಗೆ ತಯಾರಿ
ಅಂತಿಮ ವರದಿ ಸಲ್ಲಿಸುವಂತೆ
ಎಸ್‌ಐಟಿಗೆ ಸೂಚನೆ
●ಸುದ್ದಿಮೂಲ ವಾರ್ತೆ ಬೆಂಗಳೂರು, ಅ.27: ಧರ್ಮಸ್ಥಳದಲ್ಲಿ ನಡೆದಿದೆ ಎನ್ನಲಾದ ಸಾಮೂಹಿಕ ಶವ ಹೂತು ಹಾಕಿದ ಪ್ರಕರಣದ ತನಿಖೆ ನಡೆಸುತ್ತಿರುವ ವಿಶೇಷ ತನಿಖಾ ತಂಡ (ಎಸ್‌ಐಟಿ) ತನ್ನ ತನಿಖೆ ಮುಕ್ತಾಯಗೊಳಿಸಿ ಅಂತಿಮ ವರದಿ ನೀಡುವಂತೆ ಸೂಚನೆ ನೀಡಲಾಗಿದೆ ಎಂದು ಗೃಹ ಸಚಿವ ಡಾ. ಜಿ. ಪರಮೇಶ್ವರ್ ತಿಳಿಸಿದ್ದಾರೆ. ಸದಾಶಿವನಗರದ ತಮ್ಮ ನಿವಾಸದ ಬಳಿ ಸೋಮವಾರ ಸುದ್ದಿಗಾರರೊಂದಿಗೆ ಮಾತನಾಡಿದ ಅವರು, ಎಸ್‌ಐಟಿ ತಂಡವು ಈಗಾಗಲೇ ಮಧ್ಯಂತರ ವರದಿ ಸಲ್ಲಿಸಿದೆ. ಮೂರ್ನಾಲ್ಕು ದಿನಗಳಲ್ಲಿ ಅಂತಿಮ ವರದಿ ನೀಡುವಂತೆ ಸೂಚಿಸಲಾಗಿದೆ. ತನಿಖೆಯ ವಿವರಗಳನ್ನು ಈಗಲೇ ಬಹಿರಂಗಪಡಿಸಲು ಸಾಧ್ಯವಿಲ್ಲ. ವರದಿ ಬಂದ ನಂತರ ಸರ್ಕಾರ ಮುಂದಿನ ಕ್ರಮ ಕೈಗೊಳ್ಳಲಿದೆ. ಪ್ರಕರಣದಲ್ಲಿ ಯಾರೇ ತಪ್ಪಿತಸ್ಥರಾಗಿದ್ದರೂ ಅವರ ವಿರುದ್ಧ ಕಾನೂನು ಕ್ರಮ ಜರುಗಿಸಲಾಗುವುದು ಎಂದು ಅವರು ಹೇಳಿದರು.
●6ನೇ ಪುಟಕ್ಕೆ
